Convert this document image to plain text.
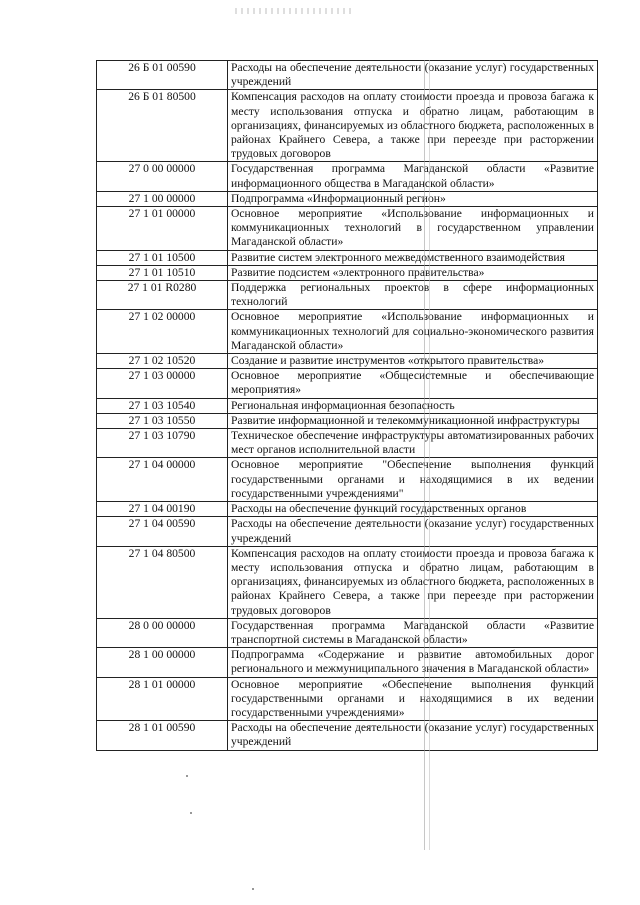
26 Б 01 00590	Расходы на обеспечение деятельности (оказание услуг) государственных учреждений
26 Б 01 80500	Компенсация расходов на оплату стоимости проезда и провоза багажа к месту использования отпуска и обратно лицам, работающим в организациях, финансируемых из областного бюджета, расположенных в районах Крайнего Севера, а также при переезде при расторжении трудовых договоров
27 0 00 00000	Государственная программа Магаданской области «Развитие информационного общества в Магаданской области»
27 1 00 00000	Подпрограмма «Информационный регион»
27 1 01 00000	Основное мероприятие «Использование информационных и коммуникационных технологий в государственном управлении Магаданской области»
27 1 01 10500	Развитие систем электронного межведомственного взаимодействия
27 1 01 10510	Развитие подсистем «электронного правительства»
27 1 01 R0280	Поддержка региональных проектов в сфере информационных технологий
27 1 02 00000	Основное мероприятие «Использование информационных и коммуникационных технологий для социально-экономического развития Магаданской области»
27 1 02 10520	Создание и развитие инструментов «открытого правительства»
27 1 03 00000	Основное мероприятие «Общесистемные и обеспечивающие мероприятия»
27 1 03 10540	Региональная информационная безопасность
27 1 03 10550	Развитие информационной и телекоммуникационной инфраструктуры
27 1 03 10790	Техническое обеспечение инфраструктуры автоматизированных рабочих мест органов исполнительной власти
27 1 04 00000	Основное мероприятие "Обеспечение выполнения функций государственными органами и находящимися в их ведении государственными учреждениями"
27 1 04 00190	Расходы на обеспечение функций государственных органов
27 1 04 00590	Расходы на обеспечение деятельности (оказание услуг) государственных учреждений
27 1 04 80500	Компенсация расходов на оплату стоимости проезда и провоза багажа к месту использования отпуска и обратно лицам, работающим в организациях, финансируемых из областного бюджета, расположенных в районах Крайнего Севера, а также при переезде при расторжении трудовых договоров
28 0 00 00000	Государственная программа Магаданской области «Развитие транспортной системы в Магаданской области»
28 1 00 00000	Подпрограмма «Содержание и развитие автомобильных дорог регионального и межмуниципального значения в Магаданской области»
28 1 01 00000	Основное мероприятие «Обеспечение выполнения функций государственными органами и находящимися в их ведении государственными учреждениями»
28 1 01 00590	Расходы на обеспечение деятельности (оказание услуг) государственных учреждений
